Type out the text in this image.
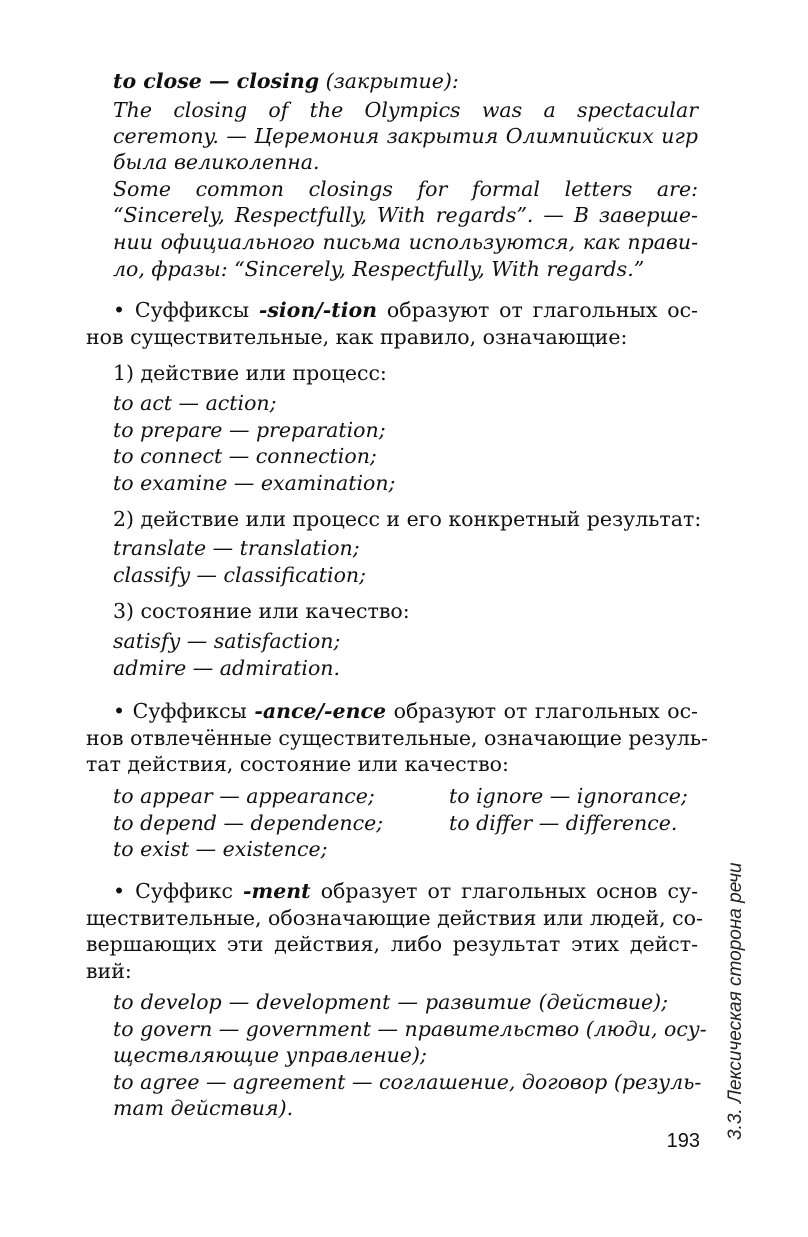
to close — closing (закрытие):
The closing of the Olympics was a spectacular
ceremony. — Церемония закрытия Олимпийских игр
была великолепна.
Some common closings for formal letters are:
“Sincerely, Respectfully, With regards”. — В заверше-
нии официального письма используются, как прави-
ло, фразы: “Sincerely, Respectfully, With regards.”
• Суффиксы -sion/-tion образуют от глагольных ос-
нов существительные, как правило, означающие:
1) действие или процесс:
to act — action;
to prepare — preparation;
to connect — connection;
to examine — examination;
2) действие или процесс и его конкретный результат:
translate — translation;
classify — classification;
3) состояние или качество:
satisfy — satisfaction;
admire — admiration.
• Суффиксы -ance/-ence образуют от глагольных ос-
нов отвлечённые существительные, означающие резуль-
тат действия, состояние или качество:
to appear — appearance;
to depend — dependence;
to exist — existence;
to ignore — ignorance;
to differ — difference.
• Суффикс -ment образует от глагольных основ су-
ществительные, обозначающие действия или людей, со-
вершающих эти действия, либо результат этих дейст-
вий:
to develop — development — развитие (действие);
to govern — government — правительство (люди, осу-
ществляющие управление);
to agree — agreement — соглашение, договор (резуль-
тат действия).	3.3. Лексическая сторона речи
193
